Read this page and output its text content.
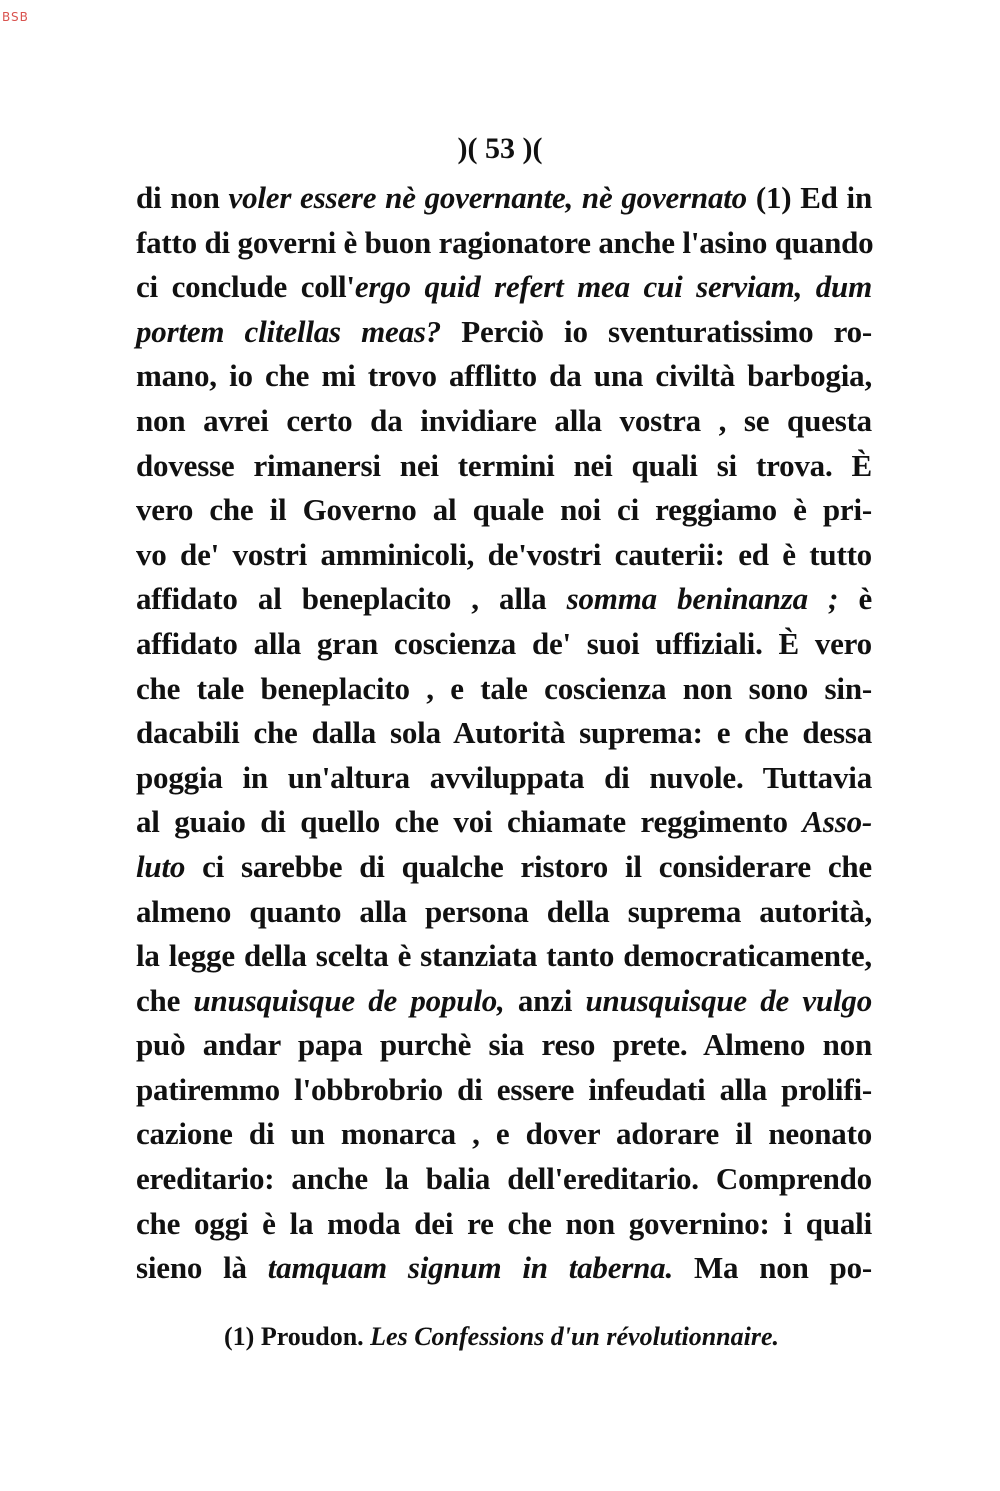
BSB
)( 53 )(
di non voler essere nè governante, nè governato (1) Ed in
fatto di governi è buon ragionatore anche l'asino quando
ci conclude coll'ergo quid refert mea cui serviam, dum
portem clitellas meas? Perciò io sventuratissimo ro-
mano, io che mi trovo afflitto da una civiltà barbogia,
non avrei certo da invidiare alla vostra , se questa
dovesse rimanersi nei termini nei quali si trova. È
vero che il Governo al quale noi ci reggiamo è pri-
vo de' vostri amminicoli, de'vostri cauterii: ed è tutto
affidato al beneplacito , alla somma beninanza ; è
affidato alla gran coscienza de' suoi uffiziali. È vero
che tale beneplacito , e tale coscienza non sono sin-
dacabili che dalla sola Autorità suprema: e che dessa
poggia in un'altura avviluppata di nuvole. Tuttavia
al guaio di quello che voi chiamate reggimento Asso-
luto ci sarebbe di qualche ristoro il considerare che
almeno quanto alla persona della suprema autorità,
la legge della scelta è stanziata tanto democraticamente,
che unusquisque de populo, anzi unusquisque de vulgo
può andar papa purchè sia reso prete. Almeno non
patiremmo l'obbrobrio di essere infeudati alla prolifi-
cazione di un monarca , e dover adorare il neonato
ereditario: anche la balia dell'ereditario. Comprendo
che oggi è la moda dei re che non governino: i quali
sieno là tamquam signum in taberna. Ma non po-
(1) Proudon. Les Confessions d'un révolutionnaire.
